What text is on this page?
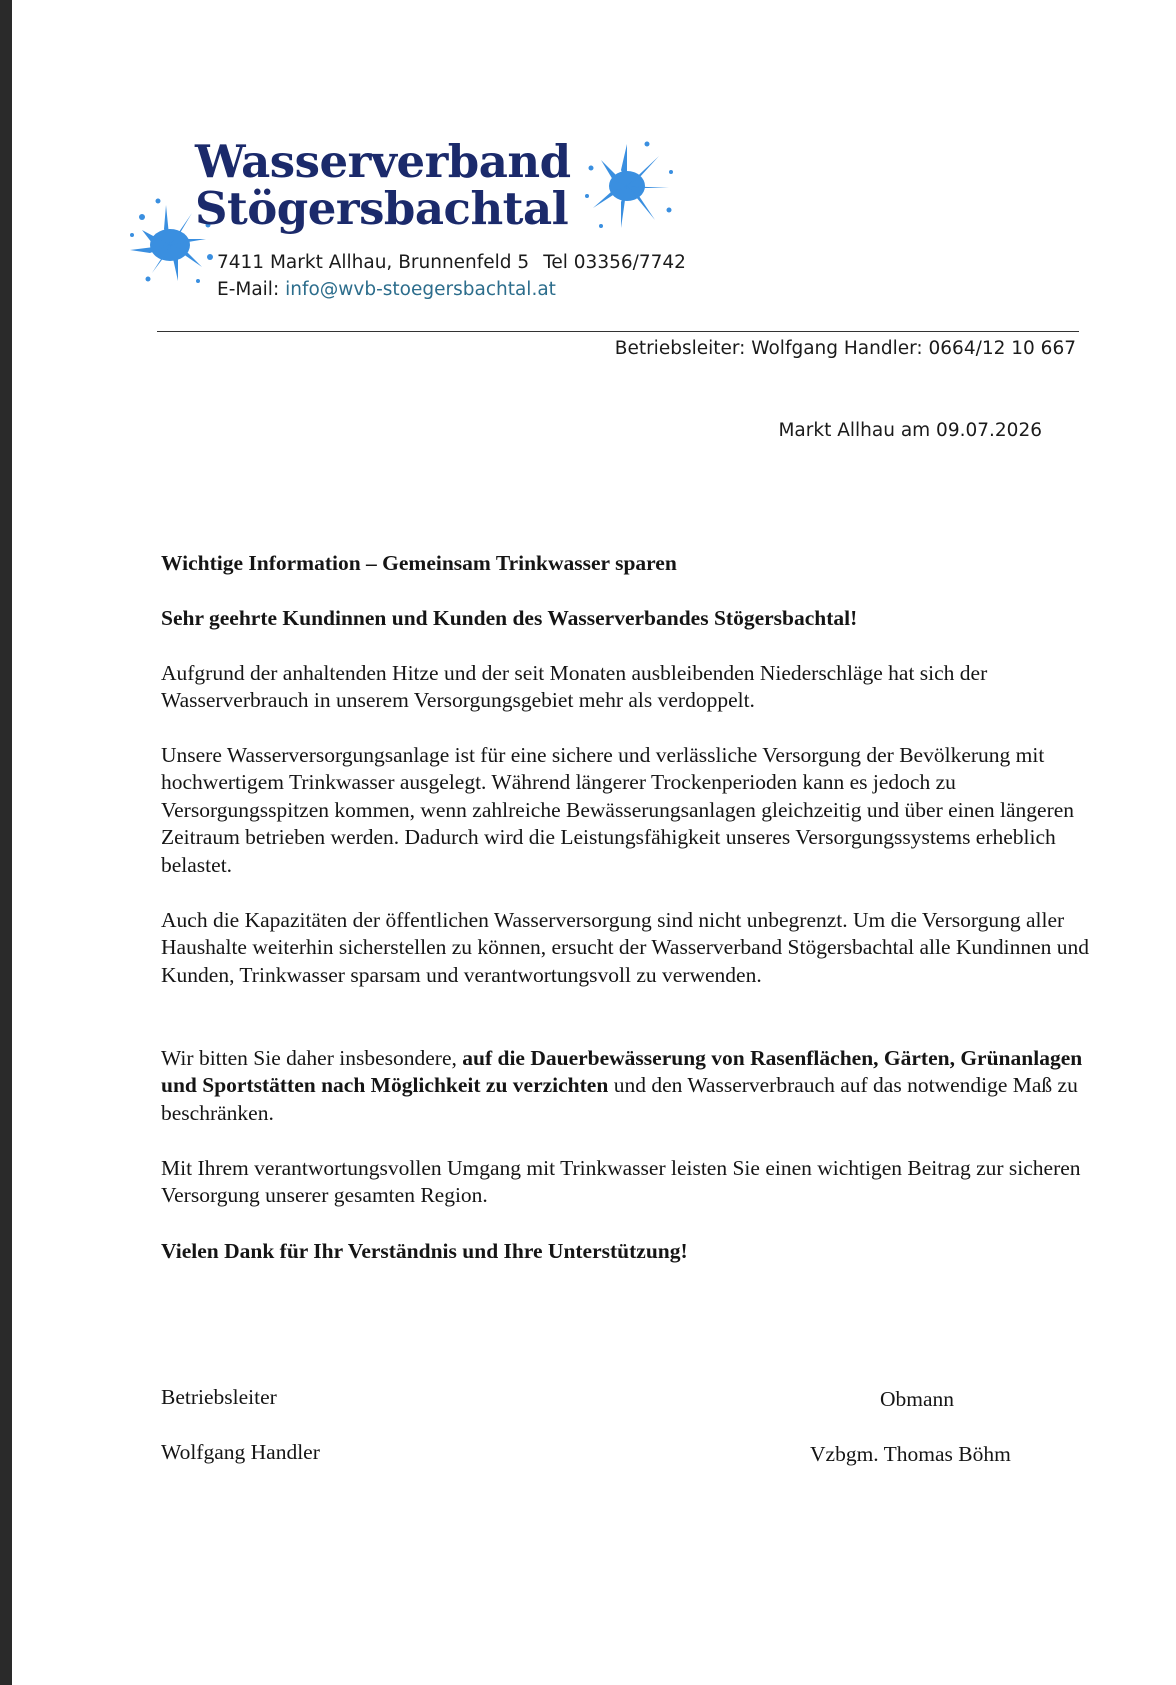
Wasserverband
Stögersbachtal
7411 Markt Allhau, Brunnenfeld 5 Tel 03356/7742
E-Mail: info@wvb-stoegersbachtal.at
Betriebsleiter: Wolfgang Handler: 0664/12 10 667
Markt Allhau am 09.07.2026

Wichtige Information – Gemeinsam Trinkwasser sparen

Sehr geehrte Kundinnen und Kunden des Wasserverbandes Stögersbachtal!

Aufgrund der anhaltenden Hitze und der seit Monaten ausbleibenden Niederschläge hat sich der Wasserverbrauch in unserem Versorgungsgebiet mehr als verdoppelt.

Unsere Wasserversorgungsanlage ist für eine sichere und verlässliche Versorgung der Bevölkerung mit hochwertigem Trinkwasser ausgelegt. Während längerer Trockenperioden kann es jedoch zu Versorgungsspitzen kommen, wenn zahlreiche Bewässerungsanlagen gleichzeitig und über einen längeren Zeitraum betrieben werden. Dadurch wird die Leistungsfähigkeit unseres Versorgungssystems erheblich belastet.

Auch die Kapazitäten der öffentlichen Wasserversorgung sind nicht unbegrenzt. Um die Versorgung aller Haushalte weiterhin sicherstellen zu können, ersucht der Wasserverband Stögersbachtal alle Kundinnen und Kunden, Trinkwasser sparsam und verantwortungsvoll zu verwenden.

Wir bitten Sie daher insbesondere, auf die Dauerbewässerung von Rasenflächen, Gärten, Grünanlagen und Sportstätten nach Möglichkeit zu verzichten und den Wasserverbrauch auf das notwendige Maß zu beschränken.

Mit Ihrem verantwortungsvollen Umgang mit Trinkwasser leisten Sie einen wichtigen Beitrag zur sicheren Versorgung unserer gesamten Region.

Vielen Dank für Ihr Verständnis und Ihre Unterstützung!

Betriebsleiter
Wolfgang Handler
Obmann
Vzbgm. Thomas Böhm
